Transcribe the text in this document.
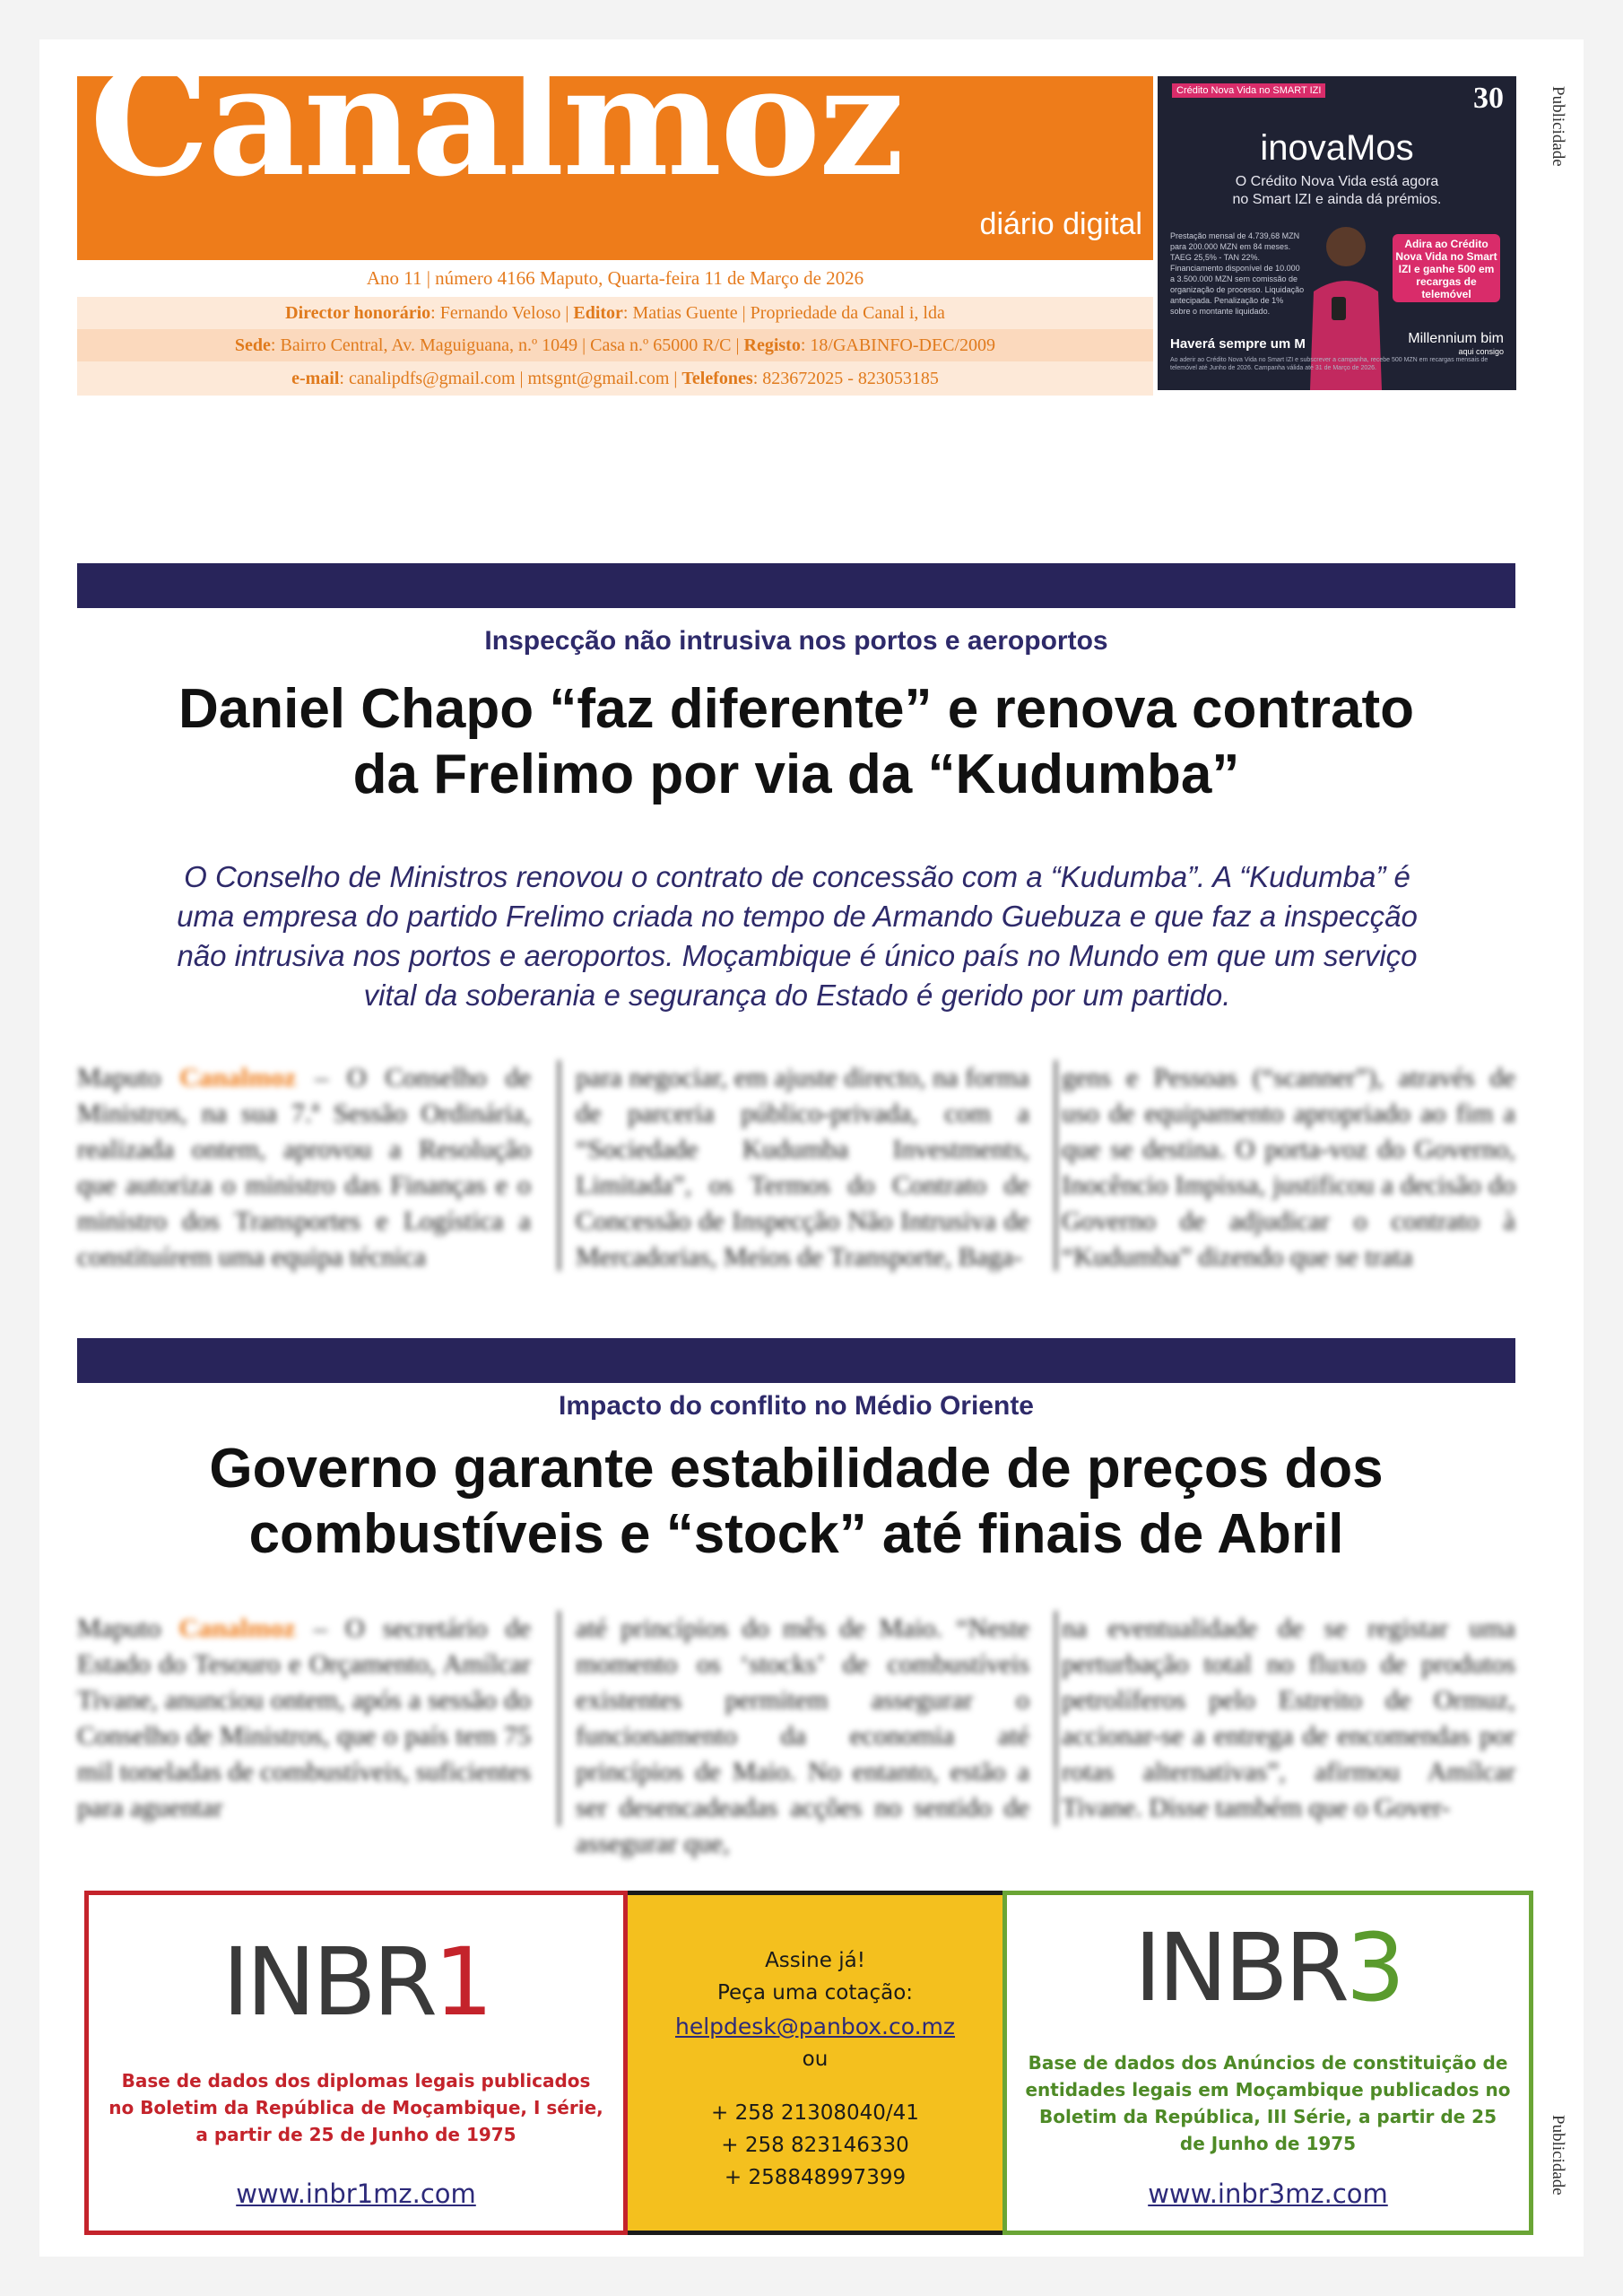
Canalmoz
diário digital
Ano 11 | número 4166 Maputo, Quarta-feira 11 de Março de 2026
Director honorário: Fernando Veloso | Editor: Matias Guente | Propriedade da Canal i, lda
Sede: Bairro Central, Av. Maguiguana, n.º 1049 | Casa n.º 65000 R/C | Registo: 18/GABINFO-DEC/2009
e-mail: canalipdfs@gmail.com | mtsgnt@gmail.com | Telefones: 823672025 - 823053185
Crédito Nova Vida no SMART IZI	30
inovaMos
O Crédito Nova Vida está agora
no Smart IZI e ainda dá prémios.
Prestação mensal de 4.739,68 MZN para 200.000 MZN em 84 meses. TAEG 25,5% - TAN 22%. Financiamento disponível de 10.000 a 3.500.000 MZN sem comissão de organização de processo. Liquidação antecipada. Penalização de 1% sobre o montante liquidado.
Adira ao Crédito Nova Vida no Smart IZI e ganhe 500 em recargas de telemóvel
Haverá sempre um M	Millennium bim
aqui consigo
Ao aderir ao Crédito Nova Vida no Smart IZI e subscrever a campanha, recebe 500 MZN em recargas mensais de telemóvel até Junho de 2026. Campanha válida até 31 de Março de 2026.
Publicidade
Inspecção não intrusiva nos portos e aeroportos
Daniel Chapo “faz diferente” e renova contrato
da Frelimo por via da “Kudumba”
O Conselho de Ministros renovou o contrato de concessão com a “Kudumba”. A “Kudumba” é
uma empresa do partido Frelimo criada no tempo de Armando Guebuza e que faz a inspecção
não intrusiva nos portos e aeroportos. Moçambique é único país no Mundo em que um serviço
vital da soberania e segurança do Estado é gerido por um partido.
Maputo Canalmoz – O Conselho de Ministros, na sua 7.ª Sessão Ordinária, realizada ontem, aprovou a Resolução que autoriza o ministro das Finanças e o ministro dos Transportes e Logística a constituírem uma equipa técnica
para negociar, em ajuste directo, na forma de parceria público-privada, com a “Sociedade Kudumba Investments, Limitada”, os Termos do Contrato de Concessão de Inspecção Não Intrusiva de Mercadorias, Meios de Transporte, Baga-
gens e Pessoas (“scanner”), através de uso de equipamento apropriado ao fim a que se destina. O porta-voz do Governo, Inocêncio Impissa, justificou a decisão do Governo de adjudicar o contrato à “Kudumba” dizendo que se trata
Impacto do conflito no Médio Oriente
Governo garante estabilidade de preços dos
combustíveis e “stock” até finais de Abril
Maputo Canalmoz – O secretário de Estado do Tesouro e Orçamento, Amílcar Tivane, anunciou ontem, após a sessão do Conselho de Ministros, que o país tem 75 mil toneladas de combustíveis, suficientes para aguentar
até princípios do mês de Maio. “Neste momento os ‘stocks’ de combustíveis existentes permitem assegurar o funcionamento da economia até princípios de Maio. No entanto, estão a ser desencadeadas acções no sentido de assegurar que,
na eventualidade de se registar uma perturbação total no fluxo de produtos petrolíferos pelo Estreito de Ormuz, accionar-se a entrega de encomendas por rotas alternativas”, afirmou Amílcar Tivane. Disse também que o Gover-
INBR1
Base de dados dos diplomas legais publicados no Boletim da República de Moçambique, I série, a partir de 25 de Junho de 1975
www.inbr1mz.com
Assine já!
Peça uma cotação:
helpdesk@panbox.co.mz
ou
+ 258 21308040/41
+ 258 823146330
+ 258848997399
INBR3
Base de dados dos Anúncios de constituição de entidades legais em Moçambique publicados no Boletim da República, III Série, a partir de 25 de Junho de 1975
www.inbr3mz.com	Publicidade
